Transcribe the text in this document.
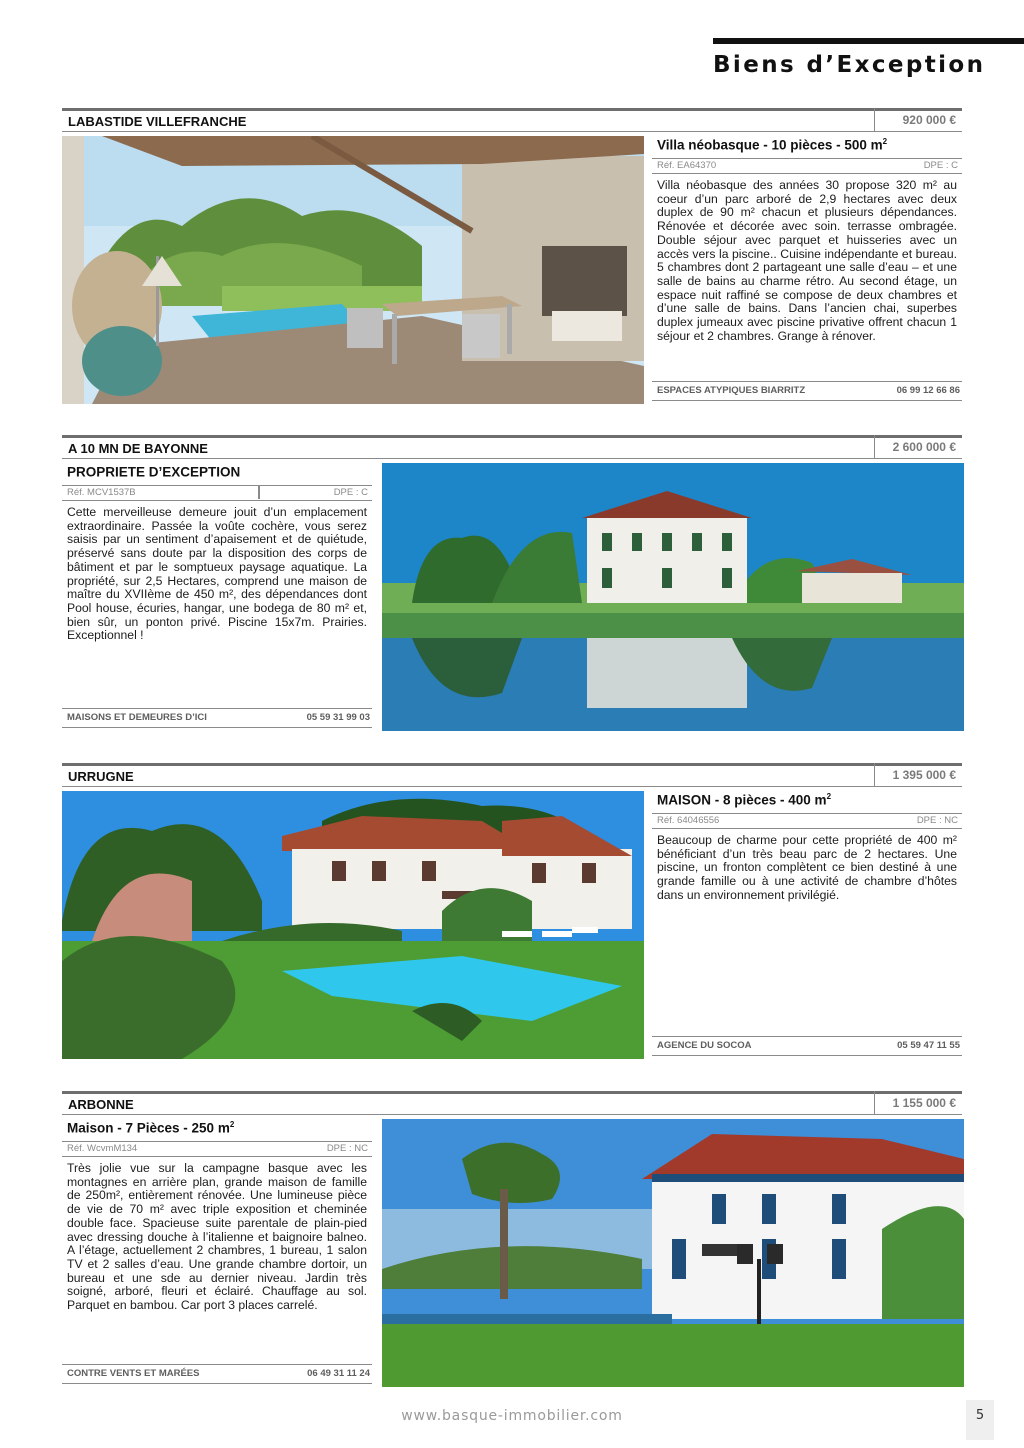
Biens d’Exception
LABASTIDE VILLEFRANCHE	920 000 €
Villa néobasque - 10 pièces - 500 $m^2$
Réf. EA64370	DPE : C
Villa néobasque des années 30 propose 320 m² au coeur d’un parc arboré de 2,9 hectares avec deux duplex de 90 m² chacun et plusieurs dépendances. Rénovée et décorée avec soin. terrasse ombragée. Double séjour avec parquet et huisseries avec un accès vers la piscine.. Cuisine indépendante et bureau. 5 chambres dont 2 partageant une salle d’eau – et une salle de bains au charme rétro. Au second étage, un espace nuit raffiné se compose de deux chambres et d’une salle de bains. Dans l’ancien chai, superbes duplex jumeaux avec piscine privative offrent chacun 1 séjour et 2 chambres. Grange à rénover.
ESPACES ATYPIQUES BIARRITZ	06 99 12 66 86
A 10 MN DE BAYONNE	2 600 000 €
PROPRIETE D’EXCEPTION
Réf. MCV1537B	DPE : C
Cette merveilleuse demeure jouit d’un emplacement extraordinaire. Passée la voûte cochère, vous serez saisis par un sentiment d’apaisement et de quiétude, préservé sans doute par la disposition des corps de bâtiment et par le somptueux paysage aquatique. La propriété, sur 2,5 Hectares, comprend une maison de maître du XVIIème de 450 m², des dépendances dont Pool house, écuries, hangar, une bodega de 80 m² et, bien sûr, un ponton privé. Piscine 15x7m. Prairies. Exceptionnel !
MAISONS ET DEMEURES D’ICI	05 59 31 99 03
URRUGNE	1 395 000 €
MAISON - 8 pièces - 400 $m^2$
Réf. 64046556	DPE : NC
Beaucoup de charme pour cette propriété de 400 m² bénéficiant d’un très beau parc de 2 hectares. Une piscine, un fronton complètent ce bien destiné à une grande famille ou à une activité de chambre d’hôtes dans un environnement privilégié.
AGENCE DU SOCOA	05 59 47 11 55
ARBONNE	1 155 000 €
Maison - 7 Pièces - 250 $m^2$
Réf. WcvmM134	DPE : NC
Très jolie vue sur la campagne basque avec les montagnes en arrière plan, grande maison de famille de 250m², entièrement rénovée. Une lumineuse pièce de vie de 70 m² avec triple exposition et cheminée double face. Spacieuse suite parentale de plain-pied avec dressing douche à l’italienne et baignoire balneo. A l’étage, actuellement 2 chambres, 1 bureau, 1 salon TV et 2 salles d’eau. Une grande chambre dortoir, un bureau et une sde au dernier niveau. Jardin très soigné, arboré, fleuri et éclairé. Chauffage au sol. Parquet en bambou. Car port 3 places carrelé.
CONTRE VENTS ET MARÉES	06 49 31 11 24
www.basque-immobilier.com	5
